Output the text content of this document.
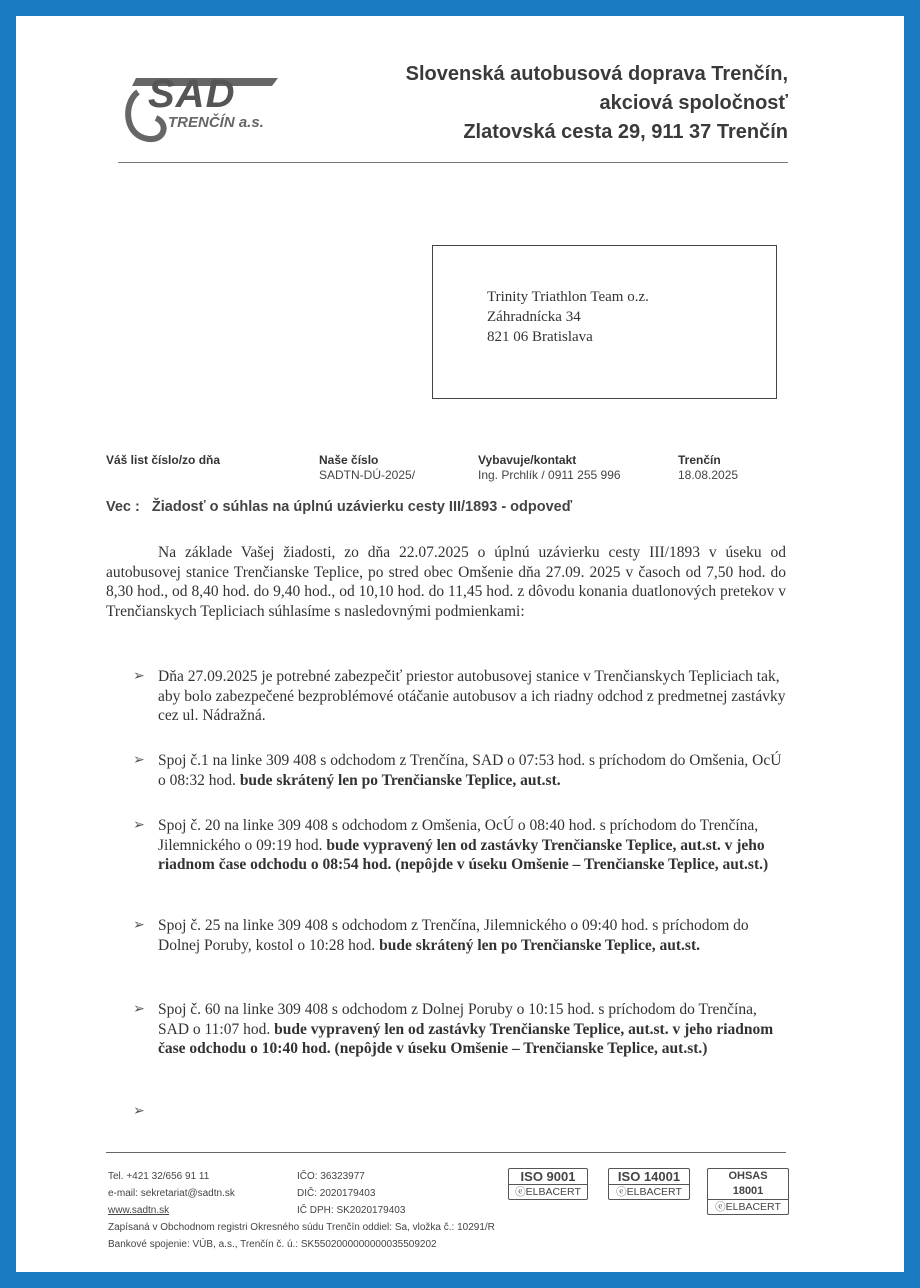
SAD
TRENČÍN a.s.
Slovenská autobusová doprava Trenčín,
akciová spoločnosť
Zlatovská cesta 29, 911 37 Trenčín
Trinity Triathlon Team o.z.
Záhradnícka 34
821 06 Bratislava
Váš list číslo/zo dňa	Naše číslo
SADTN-DÚ-2025/
Vybavuje/kontakt
Ing. Prchlík / 0911 255 996
Trenčín
18.08.2025
Vec : Žiadosť o súhlas na úplnú uzávierku cesty III/1893 - odpoveď

Na základe Vašej žiadosti, zo dňa 22.07.2025 o úplnú uzávierku cesty III/1893 v úseku od autobusovej stanice Trenčianske Teplice, po stred obec Omšenie dňa 27.09. 2025 v časoch od 7,50 hod. do 8,30 hod., od 8,40 hod. do 9,40 hod., od 10,10 hod. do 11,45 hod. z dôvodu konania duatlonových pretekov v Trenčianskych Tepliciach súhlasíme s nasledovnými podmienkami:

➢ Dňa 27.09.2025 je potrebné zabezpečiť priestor autobusovej stanice v Trenčianskych Tepliciach tak, aby bolo zabezpečené bezproblémové otáčanie autobusov a ich riadny odchod z predmetnej zastávky cez ul. Nádražná.
➢ Spoj č.1 na linke 309 408 s odchodom z Trenčína, SAD o 07:53 hod. s príchodom do Omšenia, OcÚ o 08:32 hod. bude skrátený len po Trenčianske Teplice, aut.st.
➢ Spoj č. 20 na linke 309 408 s odchodom z Omšenia, OcÚ o 08:40 hod. s príchodom do Trenčína, Jilemnického o 09:19 hod. bude vypravený len od zastávky Trenčianske Teplice, aut.st. v jeho riadnom čase odchodu o 08:54 hod. (nepôjde v úseku Omšenie – Trenčianske Teplice, aut.st.)
➢ Spoj č. 25 na linke 309 408 s odchodom z Trenčína, Jilemnického o 09:40 hod. s príchodom do Dolnej Poruby, kostol o 10:28 hod. bude skrátený len po Trenčianske Teplice, aut.st.
➢ Spoj č. 60 na linke 309 408 s odchodom z Dolnej Poruby o 10:15 hod. s príchodom do Trenčína, SAD o 11:07 hod. bude vypravený len od zastávky Trenčianske Teplice, aut.st. v jeho riadnom čase odchodu o 10:40 hod. (nepôjde v úseku Omšenie – Trenčianske Teplice, aut.st.)
➢
Tel. +421 32/656 91 11
e-mail: sekretariat@sadtn.sk
www.sadtn.sk
IČO: 36323977
DIČ: 2020179403
IČ DPH: SK2020179403
Zapísaná v Obchodnom registri Okresného súdu Trenčín oddiel: Sa, vložka č.: 10291/R
Bankové spojenie: VÚB, a.s., Trenčín č. ú.: SK5502000000000035509202
ISO 9001
ⓔELBACERT
ISO 14001
ⓔELBACERT
OHSAS 18001
ⓔELBACERT
